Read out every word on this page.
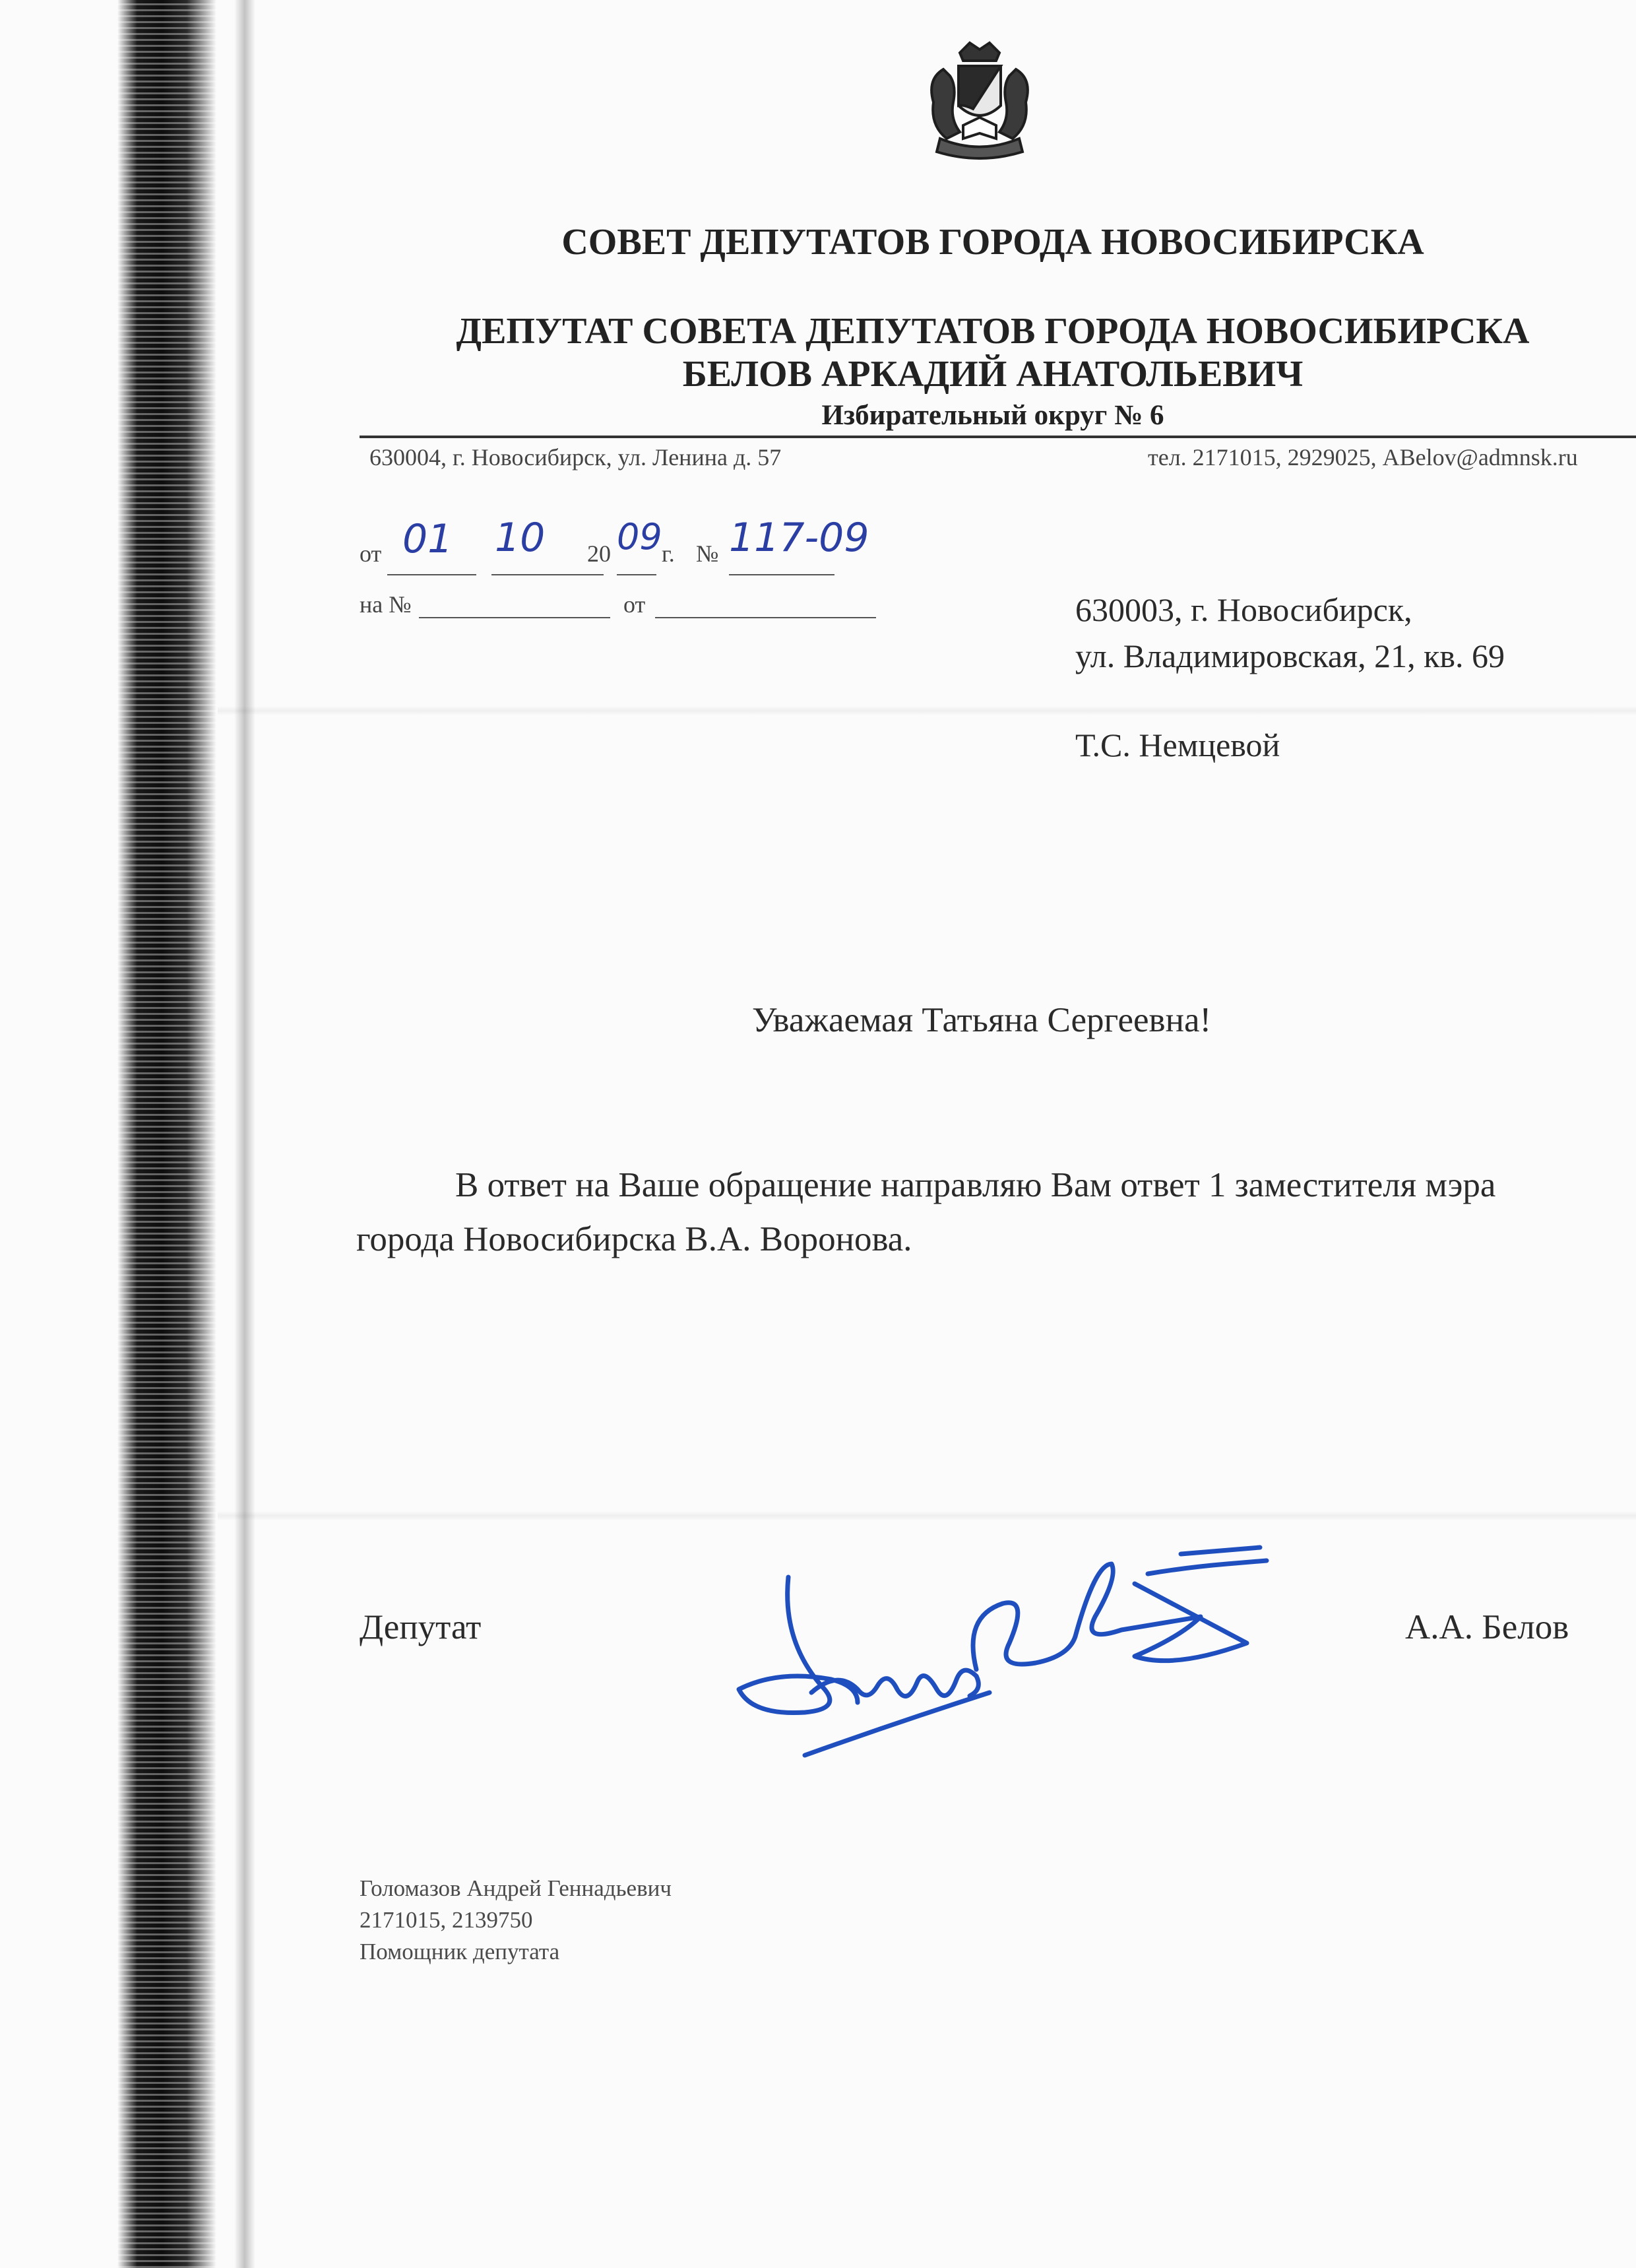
СОВЕТ ДЕПУТАТОВ ГОРОДА НОВОСИБИРСКА
ДЕПУТАТ СОВЕТА ДЕПУТАТОВ ГОРОДА НОВОСИБИРСКА
БЕЛОВ АРКАДИЙ АНАТОЛЬЕВИЧ
Избирательный округ № 6
630004, г. Новосибирск, ул. Ленина д. 57	тел. 2171015, 2929025, ABelov@admnsk.ru
от 01 10 20 09 г. № 117-09
на №	от	630003, г. Новосибирск,
ул. Владимировская, 21, кв. 69
Т.С. Немцевой
Уважаемая Татьяна Сергеевна!
В ответ на Ваше обращение направляю Вам ответ 1 заместителя мэра
города Новосибирска В.А. Воронова.
Депутат	А.А. Белов
Голомазов Андрей Геннадьевич
2171015, 2139750
Помощник депутата
